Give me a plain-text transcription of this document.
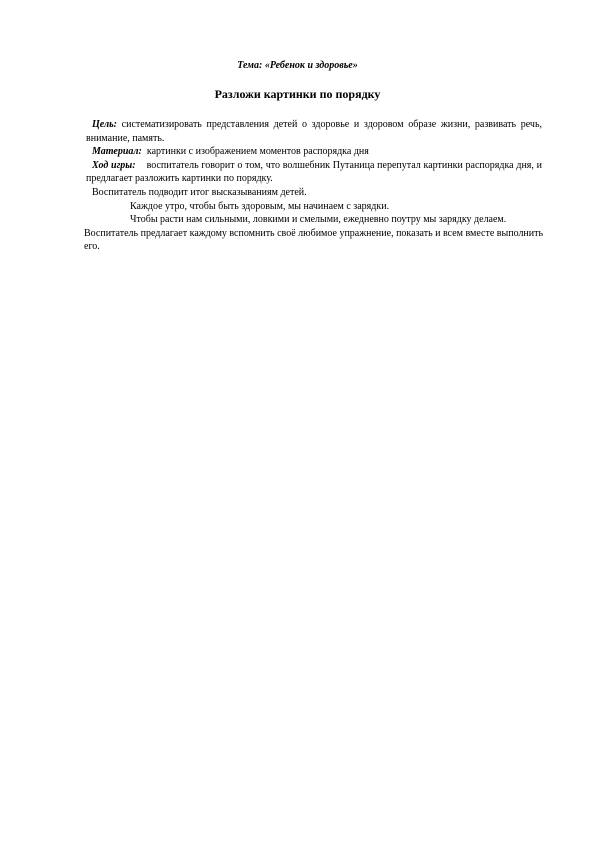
Тема: «Ребенок и здоровье»
Разложи картинки по порядку

Цель: систематизировать представления детей о здоровье и здоровом образе жизни, развивать речь, внимание, память.

Материал: картинки с изображением моментов распорядка дня

Ход игры: воспитатель говорит о том, что волшебник Путаница перепутал картинки распорядка дня, и предлагает разложить картинки по порядку.

Воспитатель подводит итог высказываниям детей.

Каждое утро, чтобы быть здоровым, мы начинаем с зарядки.

Чтобы расти нам сильными, ловкими и смелыми, ежедневно поутру мы зарядку делаем.

Воспитатель предлагает каждому вспомнить своё любимое упражнение, показать и всем вместе выполнить его.
